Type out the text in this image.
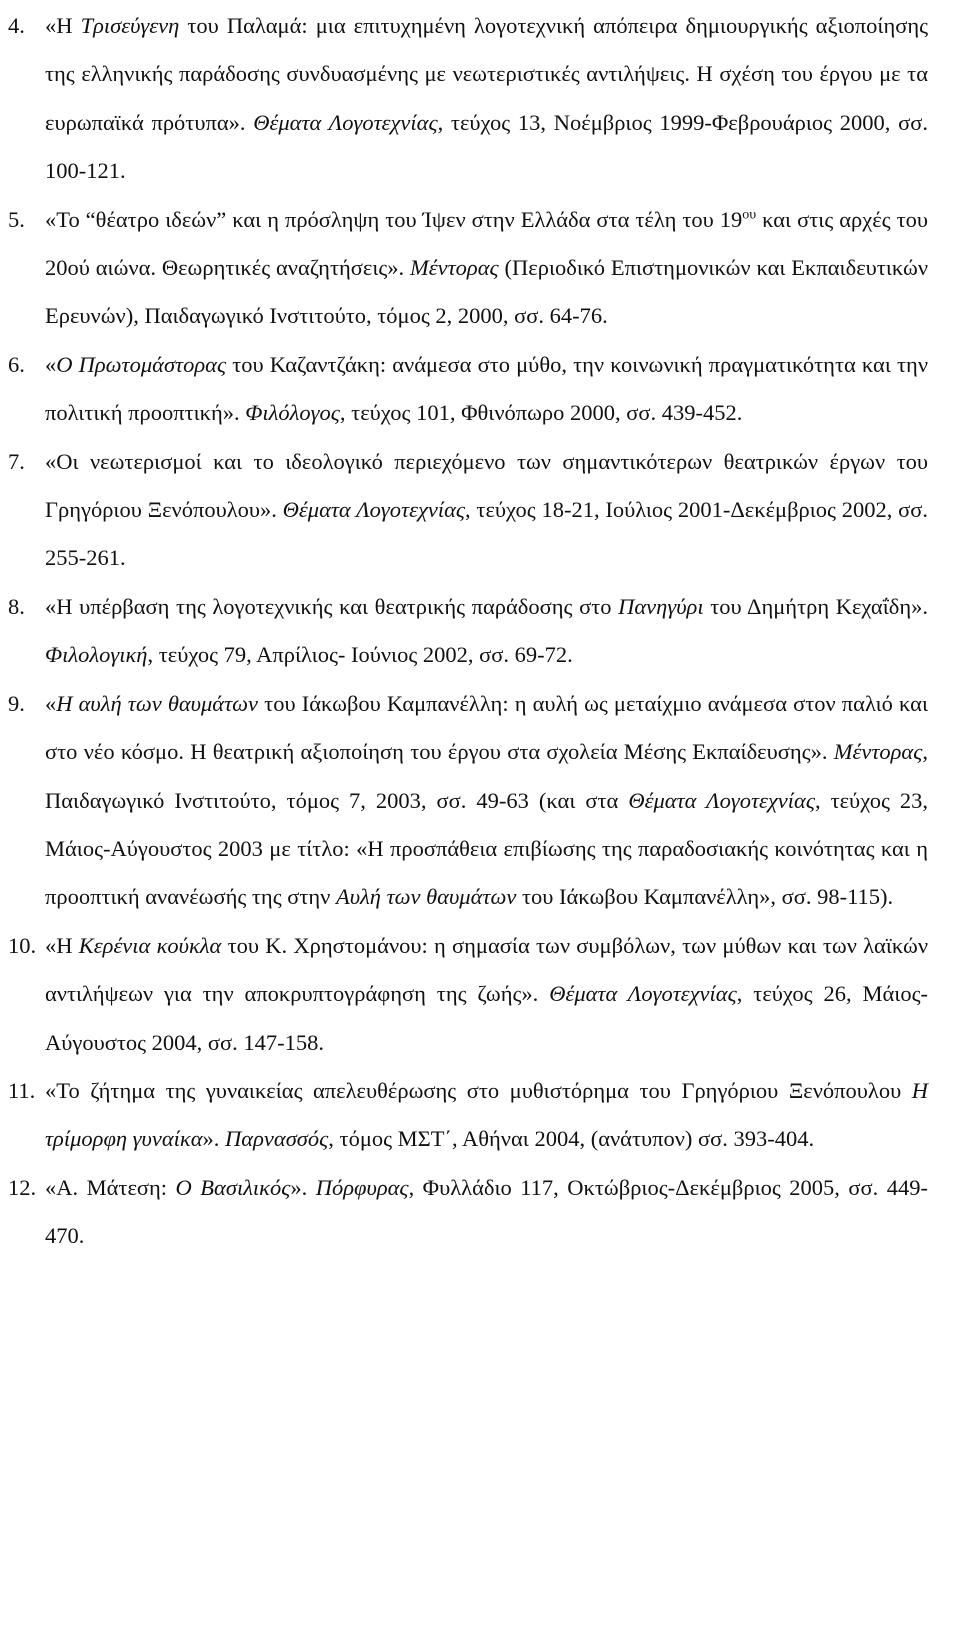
4. «Η Τρισεύγενη του Παλαμά: μια επιτυχημένη λογοτεχνική απόπειρα δημιουργικής αξιοποίησης της ελληνικής παράδοσης συνδυασμένης με νεωτεριστικές αντιλήψεις. Η σχέση του έργου με τα ευρωπαϊκά πρότυπα». Θέματα Λογοτεχνίας, τεύχος 13, Νοέμβριος 1999-Φεβρουάριος 2000, σσ. 100-121.

5. «Το “θέατρο ιδεών” και η πρόσληψη του Ίψεν στην Ελλάδα στα τέλη του $19^{o\upsilon}$ και στις αρχές του 20ού αιώνα. Θεωρητικές αναζητήσεις». Μέντορας (Περιοδικό Επιστημονικών και Εκπαιδευτικών Ερευνών), Παιδαγωγικό Ινστιτούτο, τόμος 2, 2000, σσ. 64-76.

6. «Ο Πρωτομάστορας του Καζαντζάκη: ανάμεσα στο μύθο, την κοινωνική πραγματικότητα και την πολιτική προοπτική». Φιλόλογος, τεύχος 101, Φθινόπωρο 2000, σσ. 439-452.

7. «Οι νεωτερισμοί και το ιδεολογικό περιεχόμενο των σημαντικότερων θεατρικών έργων του Γρηγόριου Ξενόπουλου». Θέματα Λογοτεχνίας, τεύχος 18-21, Ιούλιος 2001-Δεκέμβριος 2002, σσ. 255-261.

8. «Η υπέρβαση της λογοτεχνικής και θεατρικής παράδοσης στο Πανηγύρι του Δημήτρη Κεχαΐδη». Φιλολογική, τεύχος 79, Απρίλιος- Ιούνιος 2002, σσ. 69-72.

9. «Η αυλή των θαυμάτων του Ιάκωβου Καμπανέλλη: η αυλή ως μεταίχμιο ανάμεσα στον παλιό και στο νέο κόσμο. Η θεατρική αξιοποίηση του έργου στα σχολεία Μέσης Εκπαίδευσης». Μέντορας, Παιδαγωγικό Ινστιτούτο, τόμος 7, 2003, σσ. 49-63 (και στα Θέματα Λογοτεχνίας, τεύχος 23, Μάιος-Αύγουστος 2003 με τίτλο: «Η προσπάθεια επιβίωσης της παραδοσιακής κοινότητας και η προοπτική ανανέωσής της στην Αυλή των θαυμάτων του Ιάκωβου Καμπανέλλη», σσ. 98-115).

10. «Η Κερένια κούκλα του Κ. Χρηστομάνου: η σημασία των συμβόλων, των μύθων και των λαϊκών αντιλήψεων για την αποκρυπτογράφηση της ζωής». Θέματα Λογοτεχνίας, τεύχος 26, Μάιος-Αύγουστος 2004, σσ. 147-158.

11. «Το ζήτημα της γυναικείας απελευθέρωσης στο μυθιστόρημα του Γρηγόριου Ξενόπουλου Η τρίμορφη γυναίκα». Παρνασσός, τόμος ΜΣΤ΄, Αθήναι 2004, (ανάτυπον) σσ. 393-404.

12. «Α. Μάτεση: Ο Βασιλικός». Πόρφυρας, Φυλλάδιο 117, Οκτώβριος-Δεκέμβριος 2005, σσ. 449-470.
